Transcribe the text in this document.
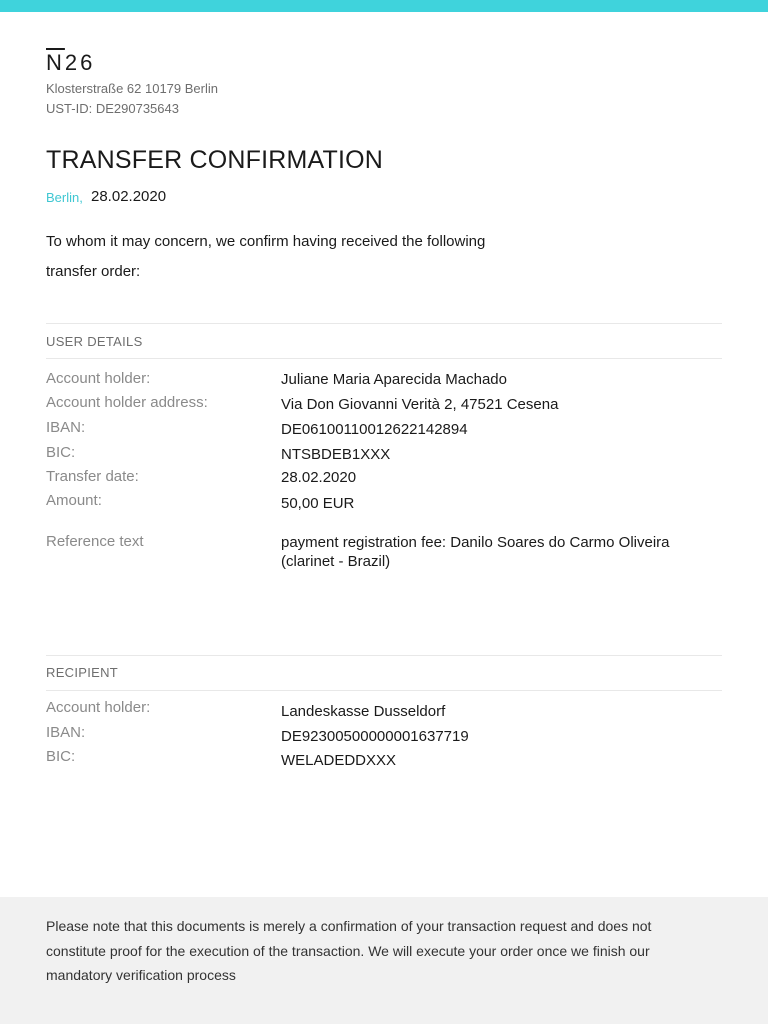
$\overline{N}26$
Klosterstraße 62 10179 Berlin
UST-ID: DE290735643
TRANSFER CONFIRMATION
Berlin, 28.02.2020
To whom it may concern, we confirm having received the following
transfer order:
USER DETAILS
Account holder:	Juliane Maria Aparecida Machado
Account holder address:	Via Don Giovanni Verità 2, 47521 Cesena
IBAN:	DE06100110012622142894
BIC:	NTSBDEB1XXX
Transfer date:	28.02.2020
Amount:	50,00 EUR
Reference text	payment registration fee: Danilo Soares do Carmo Oliveira (clarinet - Brazil)
RECIPIENT
Account holder:	Landeskasse Dusseldorf
IBAN:	DE92300500000001637719
BIC:	WELADEDDXXX
Please note that this documents is merely a confirmation of your transaction request and does not
constitute proof for the execution of the transaction. We will execute your order once we finish our
mandatory verification process
